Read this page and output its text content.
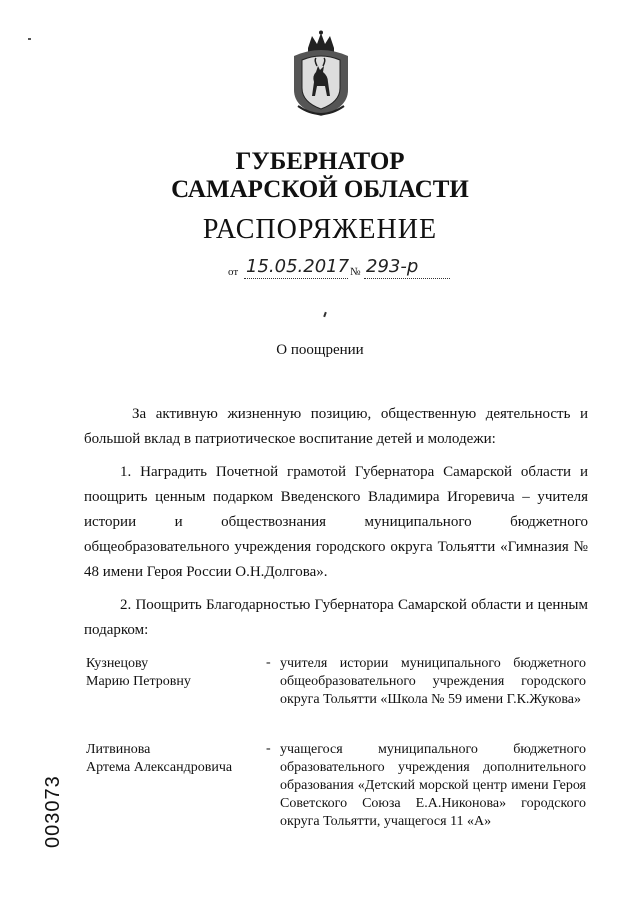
ГУБЕРНАТОР
САМАРСКОЙ ОБЛАСТИ
РАСПОРЯЖЕНИЕ
от 15.05.2017 № 293-р
О поощрении
За активную жизненную позицию, общественную деятельность и большой вклад в патриотическое воспитание детей и молодежи:
1. Наградить Почетной грамотой Губернатора Самарской области и поощрить ценным подарком Введенского Владимира Игоревича – учителя истории и обществознания муниципального бюджетного общеобразовательного учреждения городского округа Тольятти «Гимназия № 48 имени Героя России О.Н.Долгова».
2. Поощрить Благодарностью Губернатора Самарской области и ценным подарком:
Кузнецову
Марию Петровну
- учителя истории муниципального бюджетного общеобразовательного учреждения городского округа Тольятти «Школа № 59 имени Г.К.Жукова»
Литвинова
Артема Александровича
- учащегося муниципального бюджетного образовательного учреждения дополнительного образования «Детский морской центр имени Героя Советского Союза Е.А.Никонова» городского округа Тольятти, учащегося 11 «А»
003073
